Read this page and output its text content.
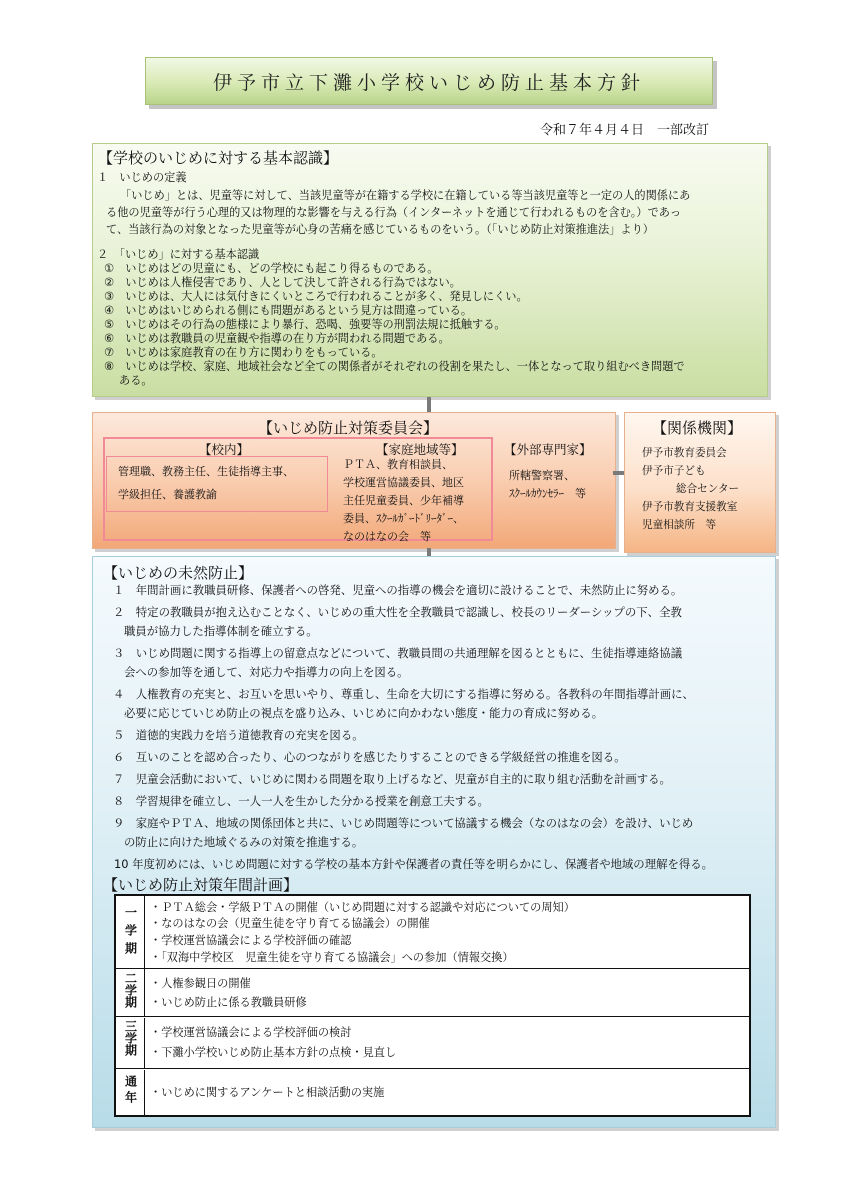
伊予市立下灘小学校いじめ防止基本方針
令和７年４月４日　一部改訂
【学校のいじめに対する基本認識】
１　いじめの定義
「いじめ」とは、児童等に対して、当該児童等が在籍する学校に在籍している等当該児童等と一定の人的関係にあ
る他の児童等が行う心理的又は物理的な影響を与える行為（インターネットを通じて行われるものを含む。）であっ
て、当該行為の対象となった児童等が心身の苦痛を感じているものをいう。（「いじめ防止対策推進法」より）
２　「いじめ」に対する基本認識
①　いじめはどの児童にも、どの学校にも起こり得るものである。
②　いじめは人権侵害であり、人として決して許される行為ではない。
③　いじめは、大人には気付きにくいところで行われることが多く、発見しにくい。
④　いじめはいじめられる側にも問題があるという見方は間違っている。
⑤　いじめはその行為の態様により暴行、恐喝、強要等の刑罰法規に抵触する。
⑥　いじめは教職員の児童観や指導の在り方が問われる問題である。
⑦　いじめは家庭教育の在り方に関わりをもっている。
⑧　いじめは学校、家庭、地域社会など全ての関係者がそれぞれの役割を果たし、一体となって取り組むべき問題で
ある。
【いじめ防止対策委員会】
【校内】
管理職、教務主任、生徒指導主事、
学級担任、養護教諭
【家庭地域等】
ＰＴＡ、教育相談員、
学校運営協議委員、地区
主任児童委員、少年補導
委員、ｽｸｰﾙｶﾞｰﾄﾞﾘｰﾀﾞｰ、
なのはなの会　等
【外部専門家】
所轄警察署、
ｽｸｰﾙｶｳﾝｾﾗｰ　等
【関係機関】
伊予市教育委員会
伊予市子ども
総合センター
伊予市教育支援教室
児童相談所　等
【いじめの未然防止】
１　年間計画に教職員研修、保護者への啓発、児童への指導の機会を適切に設けることで、未然防止に努める。
２　特定の教職員が抱え込むことなく、いじめの重大性を全教職員で認識し、校長のリーダーシップの下、全教
職員が協力した指導体制を確立する。
３　いじめ問題に関する指導上の留意点などについて、教職員間の共通理解を図るとともに、生徒指導連絡協議
会への参加等を通して、対応力や指導力の向上を図る。
４　人権教育の充実と、お互いを思いやり、尊重し、生命を大切にする指導に努める。各教科の年間指導計画に、
必要に応じていじめ防止の視点を盛り込み、いじめに向かわない態度・能力の育成に努める。
５　道徳的実践力を培う道徳教育の充実を図る。
６　互いのことを認め合ったり、心のつながりを感じたりすることのできる学級経営の推進を図る。
７　児童会活動において、いじめに関わる問題を取り上げるなど、児童が自主的に取り組む活動を計画する。
８　学習規律を確立し、一人一人を生かした分かる授業を創意工夫する。
９　家庭やＰＴＡ、地域の関係団体と共に、いじめ問題等について協議する機会（なのはなの会）を設け、いじめ
の防止に向けた地域ぐるみの対策を推進する。
10 年度初めには、いじめ問題に対する学校の基本方針や保護者の責任等を明らかにし、保護者や地域の理解を得る。
【いじめ防止対策年間計画】
一学期 ・ＰＴＡ総会・学級ＰＴＡの開催（いじめ問題に対する認識や対応についての周知）
・なのはなの会（児童生徒を守り育てる協議会）の開催
・学校運営協議会による学校評価の確認
・「双海中学校区　児童生徒を守り育てる協議会」への参加（情報交換）
二学期 ・人権参観日の開催
・いじめ防止に係る教職員研修
三学期 ・学校運営協議会による学校評価の検討
・下灘小学校いじめ防止基本方針の点検・見直し
通年 ・いじめに関するアンケートと相談活動の実施
